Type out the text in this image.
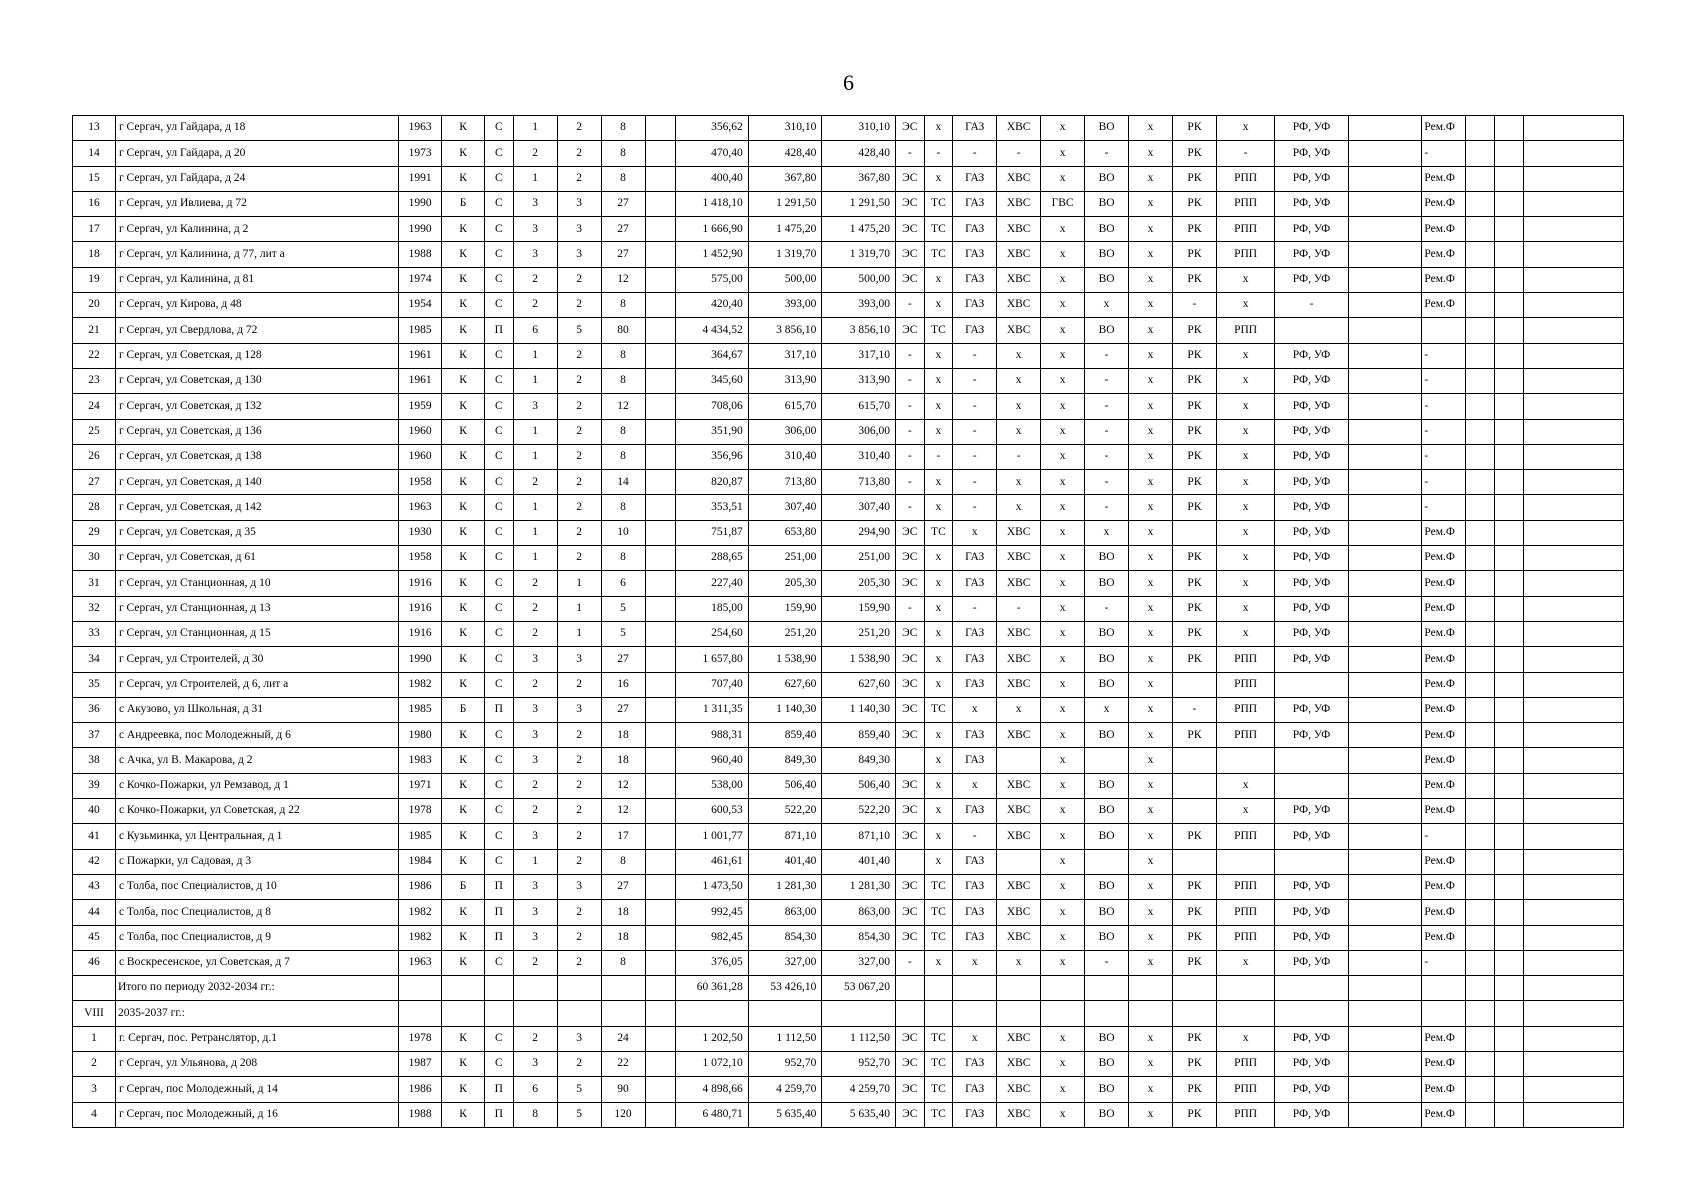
6
13	г Сергач, ул Гайдара, д 18	1963	К	С	1	2	8		356,62	310,10	310,10	ЭС	х	ГАЗ	ХВС	х	ВО	х	РК	х	РФ, УФ		Рем.Ф			
14	г Сергач, ул Гайдара, д 20	1973	К	С	2	2	8		470,40	428,40	428,40	-	-	-	-	х	-	х	РК	-	РФ, УФ		-			
15	г Сергач, ул Гайдара, д 24	1991	К	С	1	2	8		400,40	367,80	367,80	ЭС	х	ГАЗ	ХВС	х	ВО	х	РК	РПП	РФ, УФ		Рем.Ф			
16	г Сергач, ул Ивлиева, д 72	1990	Б	С	3	3	27		1 418,10	1 291,50	1 291,50	ЭС	ТС	ГАЗ	ХВС	ГВС	ВО	х	РК	РПП	РФ, УФ		Рем.Ф			
17	г Сергач, ул Калинина, д 2	1990	К	С	3	3	27		1 666,90	1 475,20	1 475,20	ЭС	ТС	ГАЗ	ХВС	х	ВО	х	РК	РПП	РФ, УФ		Рем.Ф			
18	г Сергач, ул Калинина, д 77, лит а	1988	К	С	3	3	27		1 452,90	1 319,70	1 319,70	ЭС	ТС	ГАЗ	ХВС	х	ВО	х	РК	РПП	РФ, УФ		Рем.Ф			
19	г Сергач, ул Калинина, д 81	1974	К	С	2	2	12		575,00	500,00	500,00	ЭС	х	ГАЗ	ХВС	х	ВО	х	РК	х	РФ, УФ		Рем.Ф			
20	г Сергач, ул Кирова, д 48	1954	К	С	2	2	8		420,40	393,00	393,00	-	х	ГАЗ	ХВС	х	х	х	-	х	-		Рем.Ф			
21	г Сергач, ул Свердлова, д 72	1985	К	П	6	5	80		4 434,52	3 856,10	3 856,10	ЭС	ТС	ГАЗ	ХВС	х	ВО	х	РК	РПП						
22	г Сергач, ул Советская, д 128	1961	К	С	1	2	8		364,67	317,10	317,10	-	х	-	х	х	-	х	РК	х	РФ, УФ		-			
23	г Сергач, ул Советская, д 130	1961	К	С	1	2	8		345,60	313,90	313,90	-	х	-	х	х	-	х	РК	х	РФ, УФ		-			
24	г Сергач, ул Советская, д 132	1959	К	С	3	2	12		708,06	615,70	615,70	-	х	-	х	х	-	х	РК	х	РФ, УФ		-			
25	г Сергач, ул Советская, д 136	1960	К	С	1	2	8		351,90	306,00	306,00	-	х	-	х	х	-	х	РК	х	РФ, УФ		-			
26	г Сергач, ул Советская, д 138	1960	К	С	1	2	8		356,96	310,40	310,40	-	-	-	-	х	-	х	РК	х	РФ, УФ		-			
27	г Сергач, ул Советская, д 140	1958	К	С	2	2	14		820,87	713,80	713,80	-	х	-	х	х	-	х	РК	х	РФ, УФ		-			
28	г Сергач, ул Советская, д 142	1963	К	С	1	2	8		353,51	307,40	307,40	-	х	-	х	х	-	х	РК	х	РФ, УФ		-			
29	г Сергач, ул Советская, д 35	1930	К	С	1	2	10		751,87	653,80	294,90	ЭС	ТС	х	ХВС	х	х	х		х	РФ, УФ		Рем.Ф			
30	г Сергач, ул Советская, д 61	1958	К	С	1	2	8		288,65	251,00	251,00	ЭС	х	ГАЗ	ХВС	х	ВО	х	РК	х	РФ, УФ		Рем.Ф			
31	г Сергач, ул Станционная, д 10	1916	К	С	2	1	6		227,40	205,30	205,30	ЭС	х	ГАЗ	ХВС	х	ВО	х	РК	х	РФ, УФ		Рем.Ф			
32	г Сергач, ул Станционная, д 13	1916	К	С	2	1	5		185,00	159,90	159,90	-	х	-	-	х	-	х	РК	х	РФ, УФ		Рем.Ф			
33	г Сергач, ул Станционная, д 15	1916	К	С	2	1	5		254,60	251,20	251,20	ЭС	х	ГАЗ	ХВС	х	ВО	х	РК	х	РФ, УФ		Рем.Ф			
34	г Сергач, ул Строителей, д 30	1990	К	С	3	3	27		1 657,80	1 538,90	1 538,90	ЭС	х	ГАЗ	ХВС	х	ВО	х	РК	РПП	РФ, УФ		Рем.Ф			
35	г Сергач, ул Строителей, д 6, лит а	1982	К	С	2	2	16		707,40	627,60	627,60	ЭС	х	ГАЗ	ХВС	х	ВО	х		РПП			Рем.Ф			
36	с Акузово, ул Школьная, д 31	1985	Б	П	3	3	27		1 311,35	1 140,30	1 140,30	ЭС	ТС	х	х	х	х	х	-	РПП	РФ, УФ		Рем.Ф			
37	с Андреевка, пос Молодежный, д 6	1980	К	С	3	2	18		988,31	859,40	859,40	ЭС	х	ГАЗ	ХВС	х	ВО	х	РК	РПП	РФ, УФ		Рем.Ф			
38	с Ачка, ул В. Макарова, д 2	1983	К	С	3	2	18		960,40	849,30	849,30		х	ГАЗ		х		х					Рем.Ф			
39	с Кочко-Пожарки, ул Ремзавод, д 1	1971	К	С	2	2	12		538,00	506,40	506,40	ЭС	х	х	ХВС	х	ВО	х		х			Рем.Ф			
40	с Кочко-Пожарки, ул Советская, д 22	1978	К	С	2	2	12		600,53	522,20	522,20	ЭС	х	ГАЗ	ХВС	х	ВО	х		х	РФ, УФ		Рем.Ф			
41	с Кузьминка, ул Центральная, д 1	1985	К	С	3	2	17		1 001,77	871,10	871,10	ЭС	х	-	ХВС	х	ВО	х	РК	РПП	РФ, УФ		-			
42	с Пожарки, ул Садовая, д 3	1984	К	С	1	2	8		461,61	401,40	401,40		х	ГАЗ		х		х					Рем.Ф			
43	с Толба, пос Специалистов, д 10	1986	Б	П	3	3	27		1 473,50	1 281,30	1 281,30	ЭС	ТС	ГАЗ	ХВС	х	ВО	х	РК	РПП	РФ, УФ		Рем.Ф			
44	с Толба, пос Специалистов, д 8	1982	К	П	3	2	18		992,45	863,00	863,00	ЭС	ТС	ГАЗ	ХВС	х	ВО	х	РК	РПП	РФ, УФ		Рем.Ф			
45	с Толба, пос Специалистов, д 9	1982	К	П	3	2	18		982,45	854,30	854,30	ЭС	ТС	ГАЗ	ХВС	х	ВО	х	РК	РПП	РФ, УФ		Рем.Ф			
46	с Воскресенское, ул Советская, д 7	1963	К	С	2	2	8		376,05	327,00	327,00	-	х	х	х	х	-	х	РК	х	РФ, УФ		-			
	Итого по периоду 2032-2034 гг.:								60 361,28	53 426,10	53 067,20															
VIII	2035-2037 гг.:																									
1	г. Сергач, пос. Ретранслятор, д.1	1978	К	С	2	3	24		1 202,50	1 112,50	1 112,50	ЭС	ТС	х	ХВС	х	ВО	х	РК	х	РФ, УФ		Рем.Ф			
2	г Сергач, ул Ульянова, д 208	1987	К	С	3	2	22		1 072,10	952,70	952,70	ЭС	ТС	ГАЗ	ХВС	х	ВО	х	РК	РПП	РФ, УФ		Рем.Ф			
3	г Сергач, пос Молодежный, д 14	1986	К	П	6	5	90		4 898,66	4 259,70	4 259,70	ЭС	ТС	ГАЗ	ХВС	х	ВО	х	РК	РПП	РФ, УФ		Рем.Ф			
4	г Сергач, пос Молодежный, д 16	1988	К	П	8	5	120		6 480,71	5 635,40	5 635,40	ЭС	ТС	ГАЗ	ХВС	х	ВО	х	РК	РПП	РФ, УФ		Рем.Ф			
